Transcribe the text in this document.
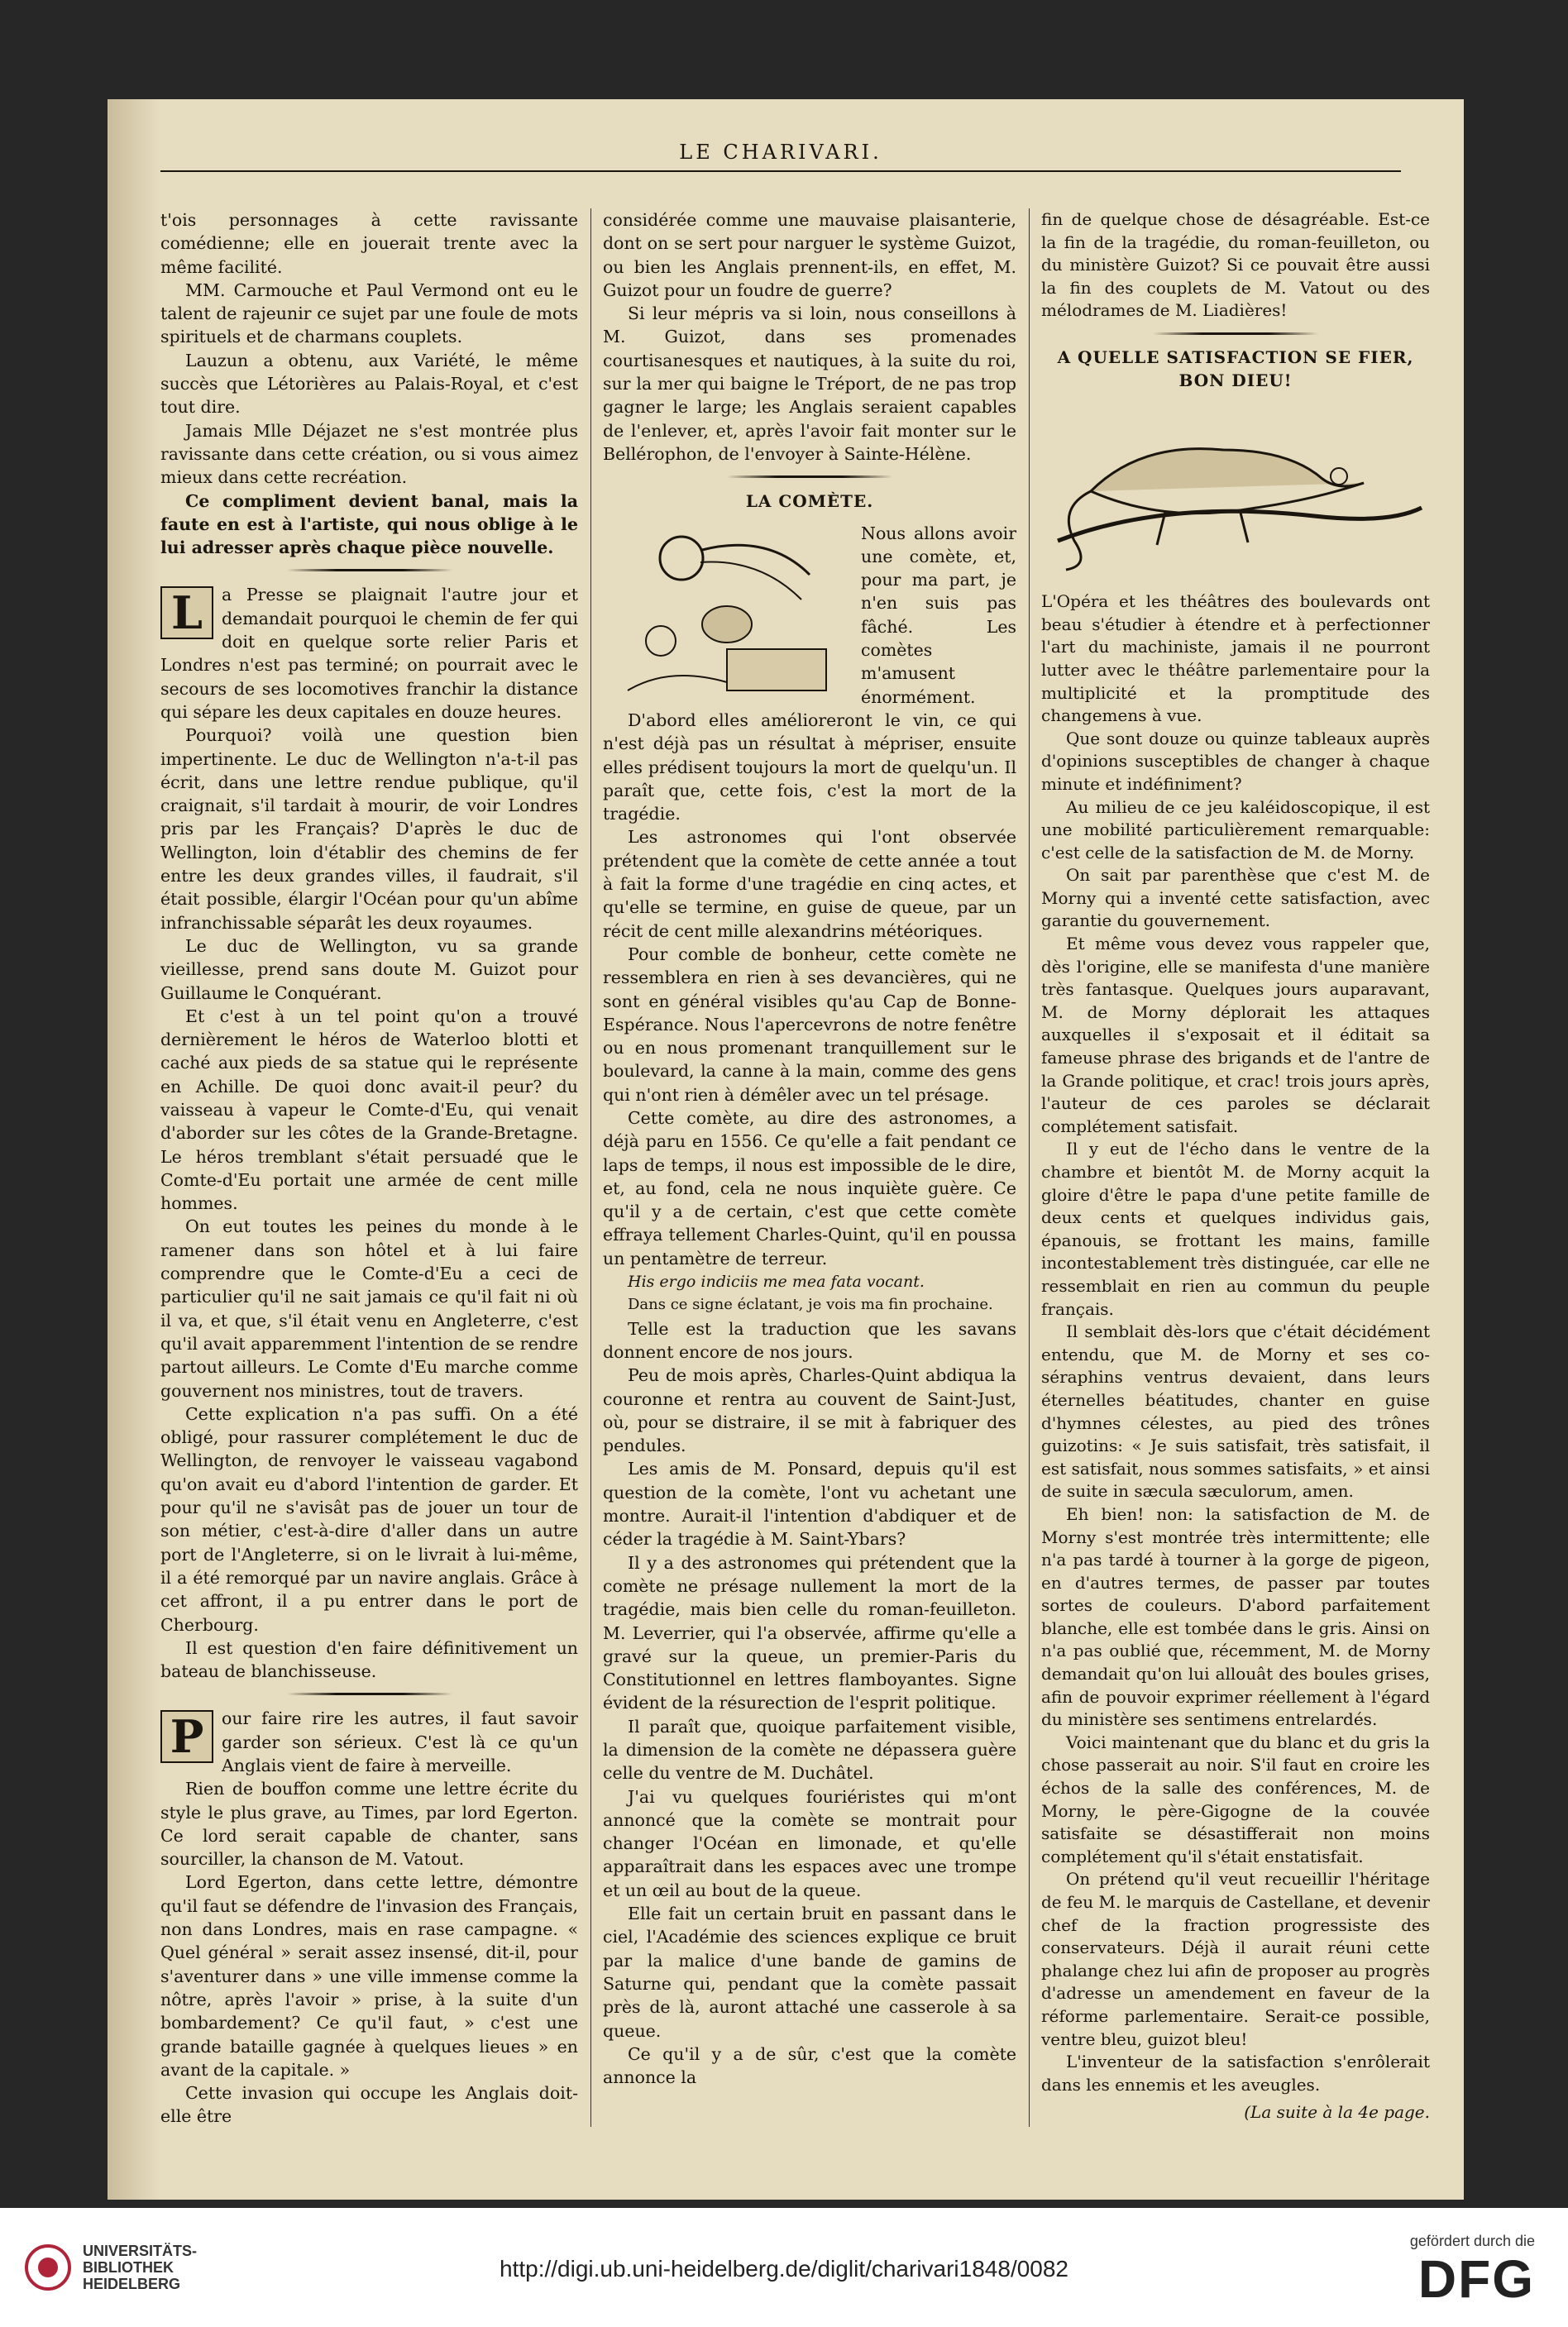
LE CHARIVARI.

t'ois personnages à cette ravissante comédienne; elle en jouerait trente avec la même facilité.

MM. Carmouche et Paul Vermond ont eu le talent de rajeunir ce sujet par une foule de mots spirituels et de charmans couplets.

Lauzun a obtenu, aux Variété, le même succès que Létorières au Palais-Royal, et c'est tout dire.

Jamais Mlle Déjazet ne s'est montrée plus ravissante dans cette création, ou si vous aimez mieux dans cette recréation.

Ce compliment devient banal, mais la faute en est à l'artiste, qui nous oblige à le lui adresser après chaque pièce nouvelle.

L	a Presse se plaignait l'autre jour et demandait pourquoi le chemin de fer qui doit en quelque sorte relier Paris et Londres n'est pas terminé; on pourrait avec le secours de ses locomotives franchir la distance qui sépare les deux capitales en douze heures.

Pourquoi? voilà une question bien impertinente. Le duc de Wellington n'a-t-il pas écrit, dans une lettre rendue publique, qu'il craignait, s'il tardait à mourir, de voir Londres pris par les Français? D'après le duc de Wellington, loin d'établir des chemins de fer entre les deux grandes villes, il faudrait, s'il était possible, élargir l'Océan pour qu'un abîme infranchissable séparât les deux royaumes.

Le duc de Wellington, vu sa grande vieillesse, prend sans doute M. Guizot pour Guillaume le Conquérant.

Et c'est à un tel point qu'on a trouvé dernièrement le héros de Waterloo blotti et caché aux pieds de sa statue qui le représente en Achille. De quoi donc avait-il peur? du vaisseau à vapeur le Comte-d'Eu, qui venait d'aborder sur les côtes de la Grande-Bretagne. Le héros tremblant s'était persuadé que le Comte-d'Eu portait une armée de cent mille hommes.

On eut toutes les peines du monde à le ramener dans son hôtel et à lui faire comprendre que le Comte-d'Eu a ceci de particulier qu'il ne sait jamais ce qu'il fait ni où il va, et que, s'il était venu en Angleterre, c'est qu'il avait apparemment l'intention de se rendre partout ailleurs. Le Comte d'Eu marche comme gouvernent nos ministres, tout de travers.

Cette explication n'a pas suffi. On a été obligé, pour rassurer complétement le duc de Wellington, de renvoyer le vaisseau vagabond qu'on avait eu d'abord l'intention de garder. Et pour qu'il ne s'avisât pas de jouer un tour de son métier, c'est-à-dire d'aller dans un autre port de l'Angleterre, si on le livrait à lui-même, il a été remorqué par un navire anglais. Grâce à cet affront, il a pu entrer dans le port de Cherbourg.

Il est question d'en faire définitivement un bateau de blanchisseuse.

P	our faire rire les autres, il faut savoir garder son sérieux. C'est là ce qu'un Anglais vient de faire à merveille.

Rien de bouffon comme une lettre écrite du style le plus grave, au Times, par lord Egerton. Ce lord serait capable de chanter, sans sourciller, la chanson de M. Vatout.

Lord Egerton, dans cette lettre, démontre qu'il faut se défendre de l'invasion des Français, non dans Londres, mais en rase campagne. « Quel général » serait assez insensé, dit-il, pour s'aventurer dans » une ville immense comme la nôtre, après l'avoir » prise, à la suite d'un bombardement? Ce qu'il faut, » c'est une grande bataille gagnée à quelques lieues » en avant de la capitale. »

Cette invasion qui occupe les Anglais doit-elle être

considérée comme une mauvaise plaisanterie, dont on se sert pour narguer le système Guizot, ou bien les Anglais prennent-ils, en effet, M. Guizot pour un foudre de guerre?

Si leur mépris va si loin, nous conseillons à M. Guizot, dans ses promenades courtisanesques et nautiques, à la suite du roi, sur la mer qui baigne le Tréport, de ne pas trop gagner le large; les Anglais seraient capables de l'enlever, et, après l'avoir fait monter sur le Bellérophon, de l'envoyer à Sainte-Hélène.

LA COMÈTE.

Nous allons avoir une comète, et, pour ma part, je n'en suis pas fâché. Les comètes m'amusent énormément.

D'abord elles amélioreront le vin, ce qui n'est déjà pas un résultat à mépriser, ensuite elles prédisent toujours la mort de quelqu'un. Il paraît que, cette fois, c'est la mort de la tragédie.

Les astronomes qui l'ont observée prétendent que la comète de cette année a tout à fait la forme d'une tragédie en cinq actes, et qu'elle se termine, en guise de queue, par un récit de cent mille alexandrins météoriques.

Pour comble de bonheur, cette comète ne ressemblera en rien à ses devancières, qui ne sont en général visibles qu'au Cap de Bonne-Espérance. Nous l'apercevrons de notre fenêtre ou en nous promenant tranquillement sur le boulevard, la canne à la main, comme des gens qui n'ont rien à démêler avec un tel présage.

Cette comète, au dire des astronomes, a déjà paru en 1556. Ce qu'elle a fait pendant ce laps de temps, il nous est impossible de le dire, et, au fond, cela ne nous inquiète guère. Ce qu'il y a de certain, c'est que cette comète effraya tellement Charles-Quint, qu'il en poussa un pentamètre de terreur.

His ergo indiciis me mea fata vocant.

Dans ce signe éclatant, je vois ma fin prochaine.

Telle est la traduction que les savans donnent encore de nos jours.

Peu de mois après, Charles-Quint abdiqua la couronne et rentra au couvent de Saint-Just, où, pour se distraire, il se mit à fabriquer des pendules.

Les amis de M. Ponsard, depuis qu'il est question de la comète, l'ont vu achetant une montre. Aurait-il l'intention d'abdiquer et de céder la tragédie à M. Saint-Ybars?

Il y a des astronomes qui prétendent que la comète ne présage nullement la mort de la tragédie, mais bien celle du roman-feuilleton. M. Leverrier, qui l'a observée, affirme qu'elle a gravé sur la queue, un premier-Paris du Constitutionnel en lettres flamboyantes. Signe évident de la résurection de l'esprit politique.

Il paraît que, quoique parfaitement visible, la dimension de la comète ne dépassera guère celle du ventre de M. Duchâtel.

J'ai vu quelques fouriéristes qui m'ont annoncé que la comète se montrait pour changer l'Océan en limonade, et qu'elle apparaîtrait dans les espaces avec une trompe et un œil au bout de la queue.

Elle fait un certain bruit en passant dans le ciel, l'Académie des sciences explique ce bruit par la malice d'une bande de gamins de Saturne qui, pendant que la comète passait près de là, auront attaché une casserole à sa queue.

Ce qu'il y a de sûr, c'est que la comète annonce la

fin de quelque chose de désagréable. Est-ce la fin de la tragédie, du roman-feuilleton, ou du ministère Guizot? Si ce pouvait être aussi la fin des couplets de M. Vatout ou des mélodrames de M. Liadières!

A QUELLE SATISFACTION SE FIER, BON DIEU!

L'Opéra et les théâtres des boulevards ont beau s'étudier à étendre et à perfectionner l'art du machiniste, jamais il ne pourront lutter avec le théâtre parlementaire pour la multiplicité et la promptitude des changemens à vue.

Que sont douze ou quinze tableaux auprès d'opinions susceptibles de changer à chaque minute et indéfiniment?

Au milieu de ce jeu kaléidoscopique, il est une mobilité particulièrement remarquable: c'est celle de la satisfaction de M. de Morny.

On sait par parenthèse que c'est M. de Morny qui a inventé cette satisfaction, avec garantie du gouvernement.

Et même vous devez vous rappeler que, dès l'origine, elle se manifesta d'une manière très fantasque. Quelques jours auparavant, M. de Morny déplorait les attaques auxquelles il s'exposait et il éditait sa fameuse phrase des brigands et de l'antre de la Grande politique, et crac! trois jours après, l'auteur de ces paroles se déclarait complétement satisfait.

Il y eut de l'écho dans le ventre de la chambre et bientôt M. de Morny acquit la gloire d'être le papa d'une petite famille de deux cents et quelques individus gais, épanouis, se frottant les mains, famille incontestablement très distinguée, car elle ne ressemblait en rien au commun du peuple français.

Il semblait dès-lors que c'était décidément entendu, que M. de Morny et ses co-séraphins ventrus devaient, dans leurs éternelles béatitudes, chanter en guise d'hymnes célestes, au pied des trônes guizotins: « Je suis satisfait, très satisfait, il est satisfait, nous sommes satisfaits, » et ainsi de suite in sæcula sæculorum, amen.

Eh bien! non: la satisfaction de M. de Morny s'est montrée très intermittente; elle n'a pas tardé à tourner à la gorge de pigeon, en d'autres termes, de passer par toutes sortes de couleurs. D'abord parfaitement blanche, elle est tombée dans le gris. Ainsi on n'a pas oublié que, récemment, M. de Morny demandait qu'on lui allouât des boules grises, afin de pouvoir exprimer réellement à l'égard du ministère ses sentimens entrelardés.

Voici maintenant que du blanc et du gris la chose passerait au noir. S'il faut en croire les échos de la salle des conférences, M. de Morny, le père-Gigogne de la couvée satisfaite se désastifferait non moins complétement qu'il s'était enstatisfait.

On prétend qu'il veut recueillir l'héritage de feu M. le marquis de Castellane, et devenir chef de la fraction progressiste des conservateurs. Déjà il aurait réuni cette phalange chez lui afin de proposer au progrès d'adresse un amendement en faveur de la réforme parlementaire. Serait-ce possible, ventre bleu, guizot bleu!

L'inventeur de la satisfaction s'enrôlerait dans les ennemis et les aveugles.

(La suite à la 4e page.
UNIVERSITÄTS-
BIBLIOTHEK
HEIDELBERG
http://digi.ub.uni-heidelberg.de/diglit/charivari1848/0082
gefördert durch die
DFG
